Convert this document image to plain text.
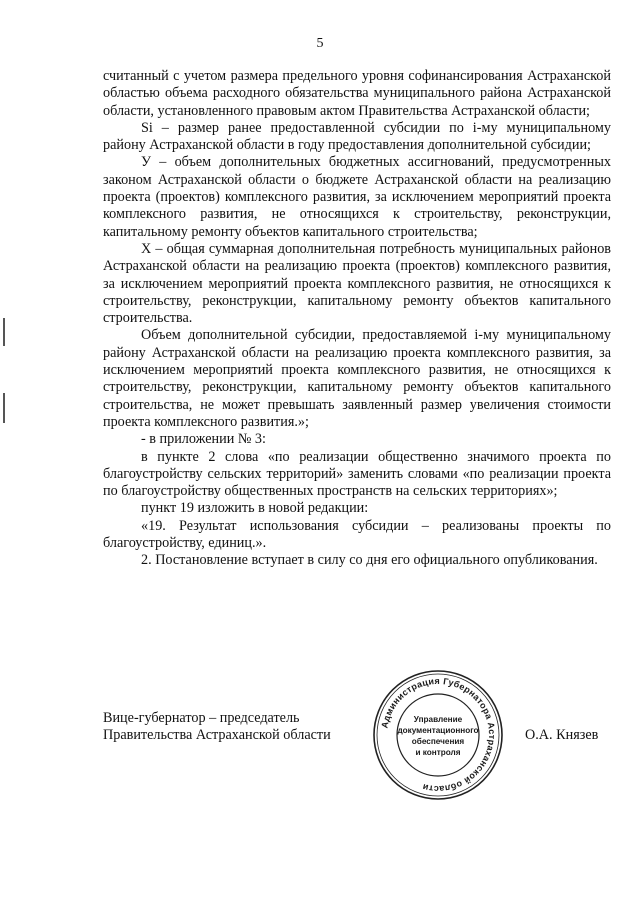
5

считанный с учетом размера предельного уровня софинансирования Астраханской областью объема расходного обязательства муниципального района Астраханской области, установленного правовым актом Правительства Астраханской области;

Si – размер ранее предоставленной субсидии по i-му муниципальному району Астраханской области в году предоставления дополнительной субсидии;

У – объем дополнительных бюджетных ассигнований, предусмотренных законом Астраханской области о бюджете Астраханской области на реализацию проекта (проектов) комплексного развития, за исключением мероприятий проекта комплексного развития, не относящихся к строительству, реконструкции, капитальному ремонту объектов капитального строительства;

Х – общая суммарная дополнительная потребность муниципальных районов Астраханской области на реализацию проекта (проектов) комплексного развития, за исключением мероприятий проекта комплексного развития, не относящихся к строительству, реконструкции, капитальному ремонту объектов капитального строительства.

Объем дополнительной субсидии, предоставляемой i-му муниципальному району Астраханской области на реализацию проекта комплексного развития, за исключением мероприятий проекта комплексного развития, не относящихся к строительству, реконструкции, капитальному ремонту объектов капитального строительства, не может превышать заявленный размер увеличения стоимости проекта комплексного развития.»;

- в приложении № 3:

в пункте 2 слова «по реализации общественно значимого проекта по благоустройству сельских территорий» заменить словами «по реализации проекта по благоустройству общественных пространств на сельских территориях»;

пункт 19 изложить в новой редакции:

«19. Результат использования субсидии – реализованы проекты по благоустройству, единиц.».

2. Постановление вступает в силу со дня его официального опубликования.

Вице-губернатор – председатель
Правительства Астраханской области	О.А. Князев
Администрация Губернатора Астраханской области
Управление
документационного
обеспечения
и контроля
